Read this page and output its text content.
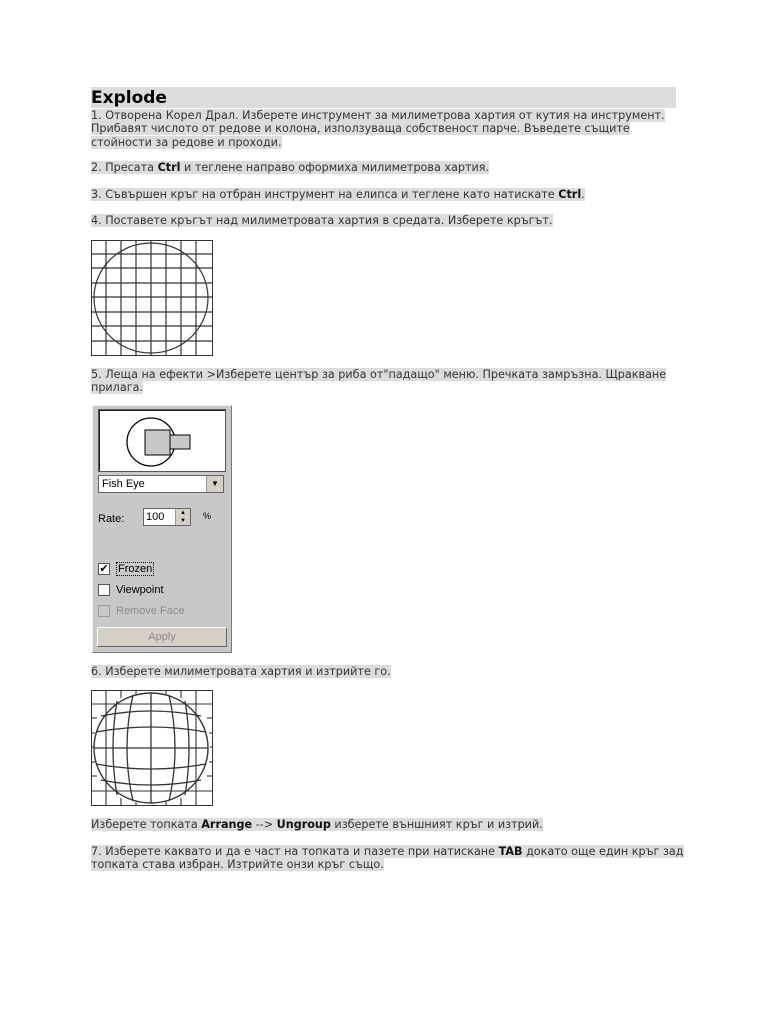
Explode

1. Отворена Корел Драл. Изберете инструмент за милиметрова хартия от кутия на инструмент. Прибавят числото от редове и колона, използуваща собственост парче. Въведете същите стойности за редове и проходи.

2. Пресата Ctrl и теглене направо оформиха милиметрова хартия.

3. Съвършен кръг на отбран инструмент на елипса и теглене като натискате Ctrl.

4. Поставете кръгът над милиметровата хартия в средата. Изберете кръгът.

5. Леща на ефекти >Изберете център за риба от"падащо" меню. Пречката замръзна. Щракване прилага.

Fish Eye	▼
Rate: 100	▲
▼	%
✔ Frozen
Viewpoint
Remove Face
Apply

6. Изберете милиметровата хартия и изтрийте го.

Изберете топката Arrange --> Ungroup изберете външният кръг и изтрий.

7. Изберете каквато и да е част на топката и пазете при натискане TAB докато още един кръг зад топката става избран. Изтрийте онзи кръг също.
